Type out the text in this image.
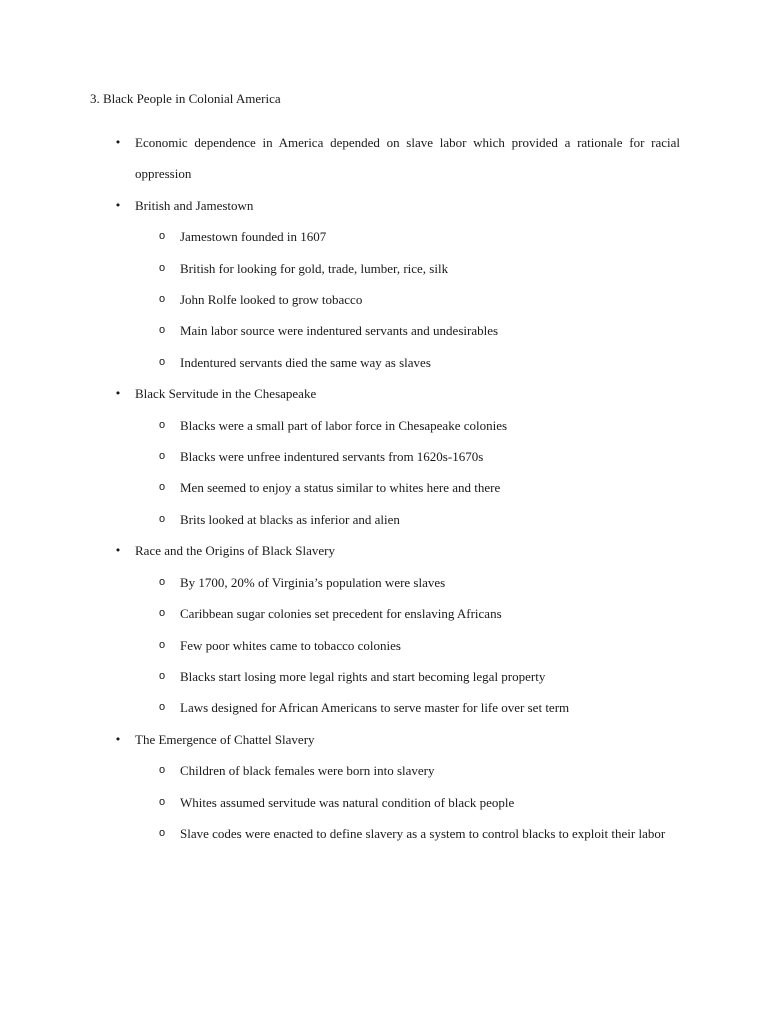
3. Black People in Colonial America
• Economic dependence in America depended on slave labor which provided a rationale for racial oppression
• British and Jamestown
o Jamestown founded in 1607
o British for looking for gold, trade, lumber, rice, silk
o John Rolfe looked to grow tobacco
o Main labor source were indentured servants and undesirables
o Indentured servants died the same way as slaves
• Black Servitude in the Chesapeake
o Blacks were a small part of labor force in Chesapeake colonies
o Blacks were unfree indentured servants from 1620s-1670s
o Men seemed to enjoy a status similar to whites here and there
o Brits looked at blacks as inferior and alien
• Race and the Origins of Black Slavery
o By 1700, 20% of Virginia’s population were slaves
o Caribbean sugar colonies set precedent for enslaving Africans
o Few poor whites came to tobacco colonies
o Blacks start losing more legal rights and start becoming legal property
o Laws designed for African Americans to serve master for life over set term
• The Emergence of Chattel Slavery
o Children of black females were born into slavery
o Whites assumed servitude was natural condition of black people
o Slave codes were enacted to define slavery as a system to control blacks to exploit their labor
